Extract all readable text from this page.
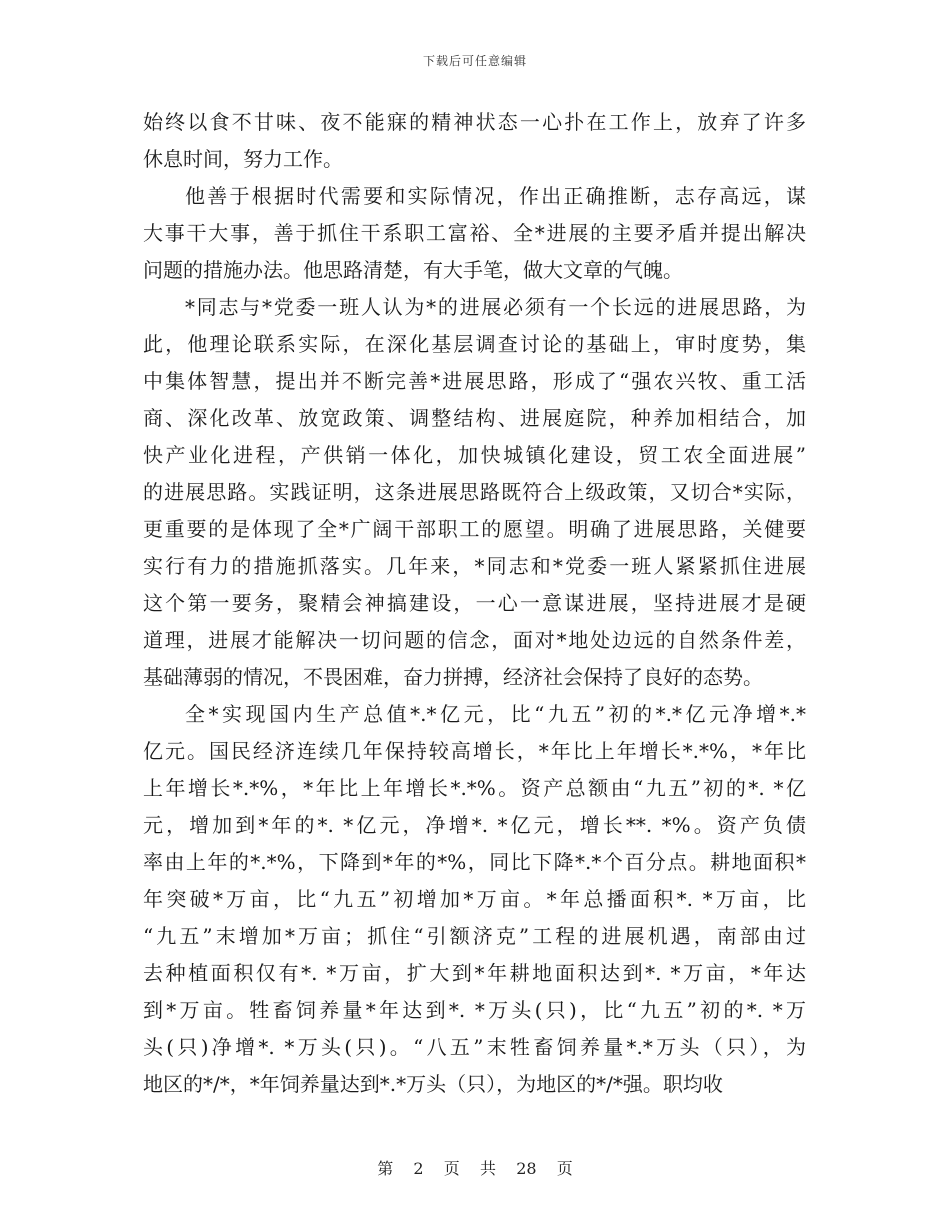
下载后可任意编辑
始终以食不甘味、夜不能寐的精神状态一心扑在工作上，放弃了许多
休息时间，努力工作。
他善于根据时代需要和实际情况，作出正确推断，志存高远，谋
大事干大事，善于抓住干系职工富裕、全*进展的主要矛盾并提出解决
问题的措施办法。他思路清楚，有大手笔，做大文章的气魄。
*同志与*党委一班人认为*的进展必须有一个长远的进展思路，为
此，他理论联系实际，在深化基层调查讨论的基础上，审时度势，集
中集体智慧，提出并不断完善*进展思路，形成了“强农兴牧、重工活
商、深化改革、放宽政策、调整结构、进展庭院，种养加相结合，加
快产业化进程，产供销一体化，加快城镇化建设，贸工农全面进展”
的进展思路。实践证明，这条进展思路既符合上级政策，又切合*实际，
更重要的是体现了全*广阔干部职工的愿望。明确了进展思路，关健要
实行有力的措施抓落实。几年来，*同志和*党委一班人紧紧抓住进展
这个第一要务，聚精会神搞建设，一心一意谋进展，坚持进展才是硬
道理，进展才能解决一切问题的信念，面对*地处边远的自然条件差，
基础薄弱的情况，不畏困难，奋力拼搏，经济社会保持了良好的态势。
全*实现国内生产总值*.*亿元，比“九五”初的*.*亿元净增*.*
亿元。国民经济连续几年保持较高增长，*年比上年增长*.*%，*年比
上年增长*.*%，*年比上年增长*.*%。资产总额由“九五”初的*. *亿
元，增加到*年的*. *亿元，净增*. *亿元，增长**. *%。资产负债
率由上年的*.*%，下降到*年的*%，同比下降*.*个百分点。耕地面积*
年突破*万亩，比“九五”初增加*万亩。*年总播面积*. *万亩，比
“九五”末增加*万亩；抓住“引额济克”工程的进展机遇，南部由过
去种植面积仅有*. *万亩，扩大到*年耕地面积达到*. *万亩，*年达
到*万亩。牲畜饲养量*年达到*. *万头(只)，比“九五”初的*. *万
头(只)净增*. *万头(只)。“八五”末牲畜饲养量*.*万头（只），为
地区的*/*，*年饲养量达到*.*万头（只），为地区的*/*强。职均收
第 2 页 共 28 页
